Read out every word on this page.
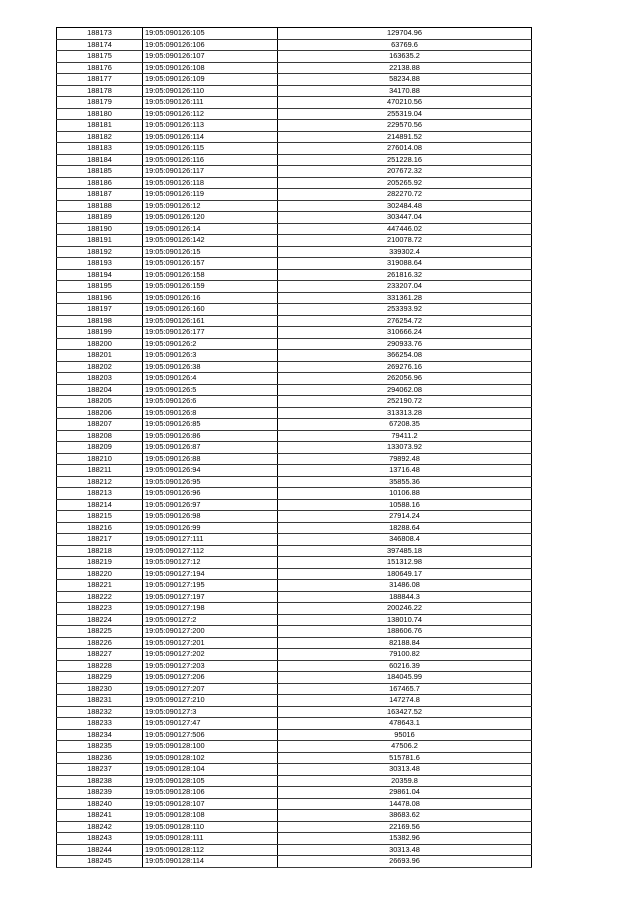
188173	19:05:090126:105	129704.96
188174	19:05:090126:106	63769.6
188175	19:05:090126:107	163635.2
188176	19:05:090126:108	22138.88
188177	19:05:090126:109	58234.88
188178	19:05:090126:110	34170.88
188179	19:05:090126:111	470210.56
188180	19:05:090126:112	255319.04
188181	19:05:090126:113	229570.56
188182	19:05:090126:114	214891.52
188183	19:05:090126:115	276014.08
188184	19:05:090126:116	251228.16
188185	19:05:090126:117	207672.32
188186	19:05:090126:118	205265.92
188187	19:05:090126:119	282270.72
188188	19:05:090126:12	302484.48
188189	19:05:090126:120	303447.04
188190	19:05:090126:14	447446.02
188191	19:05:090126:142	210078.72
188192	19:05:090126:15	339302.4
188193	19:05:090126:157	319088.64
188194	19:05:090126:158	261816.32
188195	19:05:090126:159	233207.04
188196	19:05:090126:16	331361.28
188197	19:05:090126:160	253393.92
188198	19:05:090126:161	276254.72
188199	19:05:090126:177	310666.24
188200	19:05:090126:2	290933.76
188201	19:05:090126:3	366254.08
188202	19:05:090126:38	269276.16
188203	19:05:090126:4	262056.96
188204	19:05:090126:5	294062.08
188205	19:05:090126:6	252190.72
188206	19:05:090126:8	313313.28
188207	19:05:090126:85	67208.35
188208	19:05:090126:86	79411.2
188209	19:05:090126:87	133073.92
188210	19:05:090126:88	79892.48
188211	19:05:090126:94	13716.48
188212	19:05:090126:95	35855.36
188213	19:05:090126:96	10106.88
188214	19:05:090126:97	10588.16
188215	19:05:090126:98	27914.24
188216	19:05:090126:99	18288.64
188217	19:05:090127:111	346808.4
188218	19:05:090127:112	397485.18
188219	19:05:090127:12	151312.98
188220	19:05:090127:194	180649.17
188221	19:05:090127:195	31486.08
188222	19:05:090127:197	188844.3
188223	19:05:090127:198	200246.22
188224	19:05:090127:2	138010.74
188225	19:05:090127:200	188606.76
188226	19:05:090127:201	82188.84
188227	19:05:090127:202	79100.82
188228	19:05:090127:203	60216.39
188229	19:05:090127:206	184045.99
188230	19:05:090127:207	167465.7
188231	19:05:090127:210	147274.8
188232	19:05:090127:3	163427.52
188233	19:05:090127:47	478643.1
188234	19:05:090127:506	95016
188235	19:05:090128:100	47506.2
188236	19:05:090128:102	515781.6
188237	19:05:090128:104	30313.48
188238	19:05:090128:105	20359.8
188239	19:05:090128:106	29861.04
188240	19:05:090128:107	14478.08
188241	19:05:090128:108	38683.62
188242	19:05:090128:110	22169.56
188243	19:05:090128:111	15382.96
188244	19:05:090128:112	30313.48
188245	19:05:090128:114	26693.96
